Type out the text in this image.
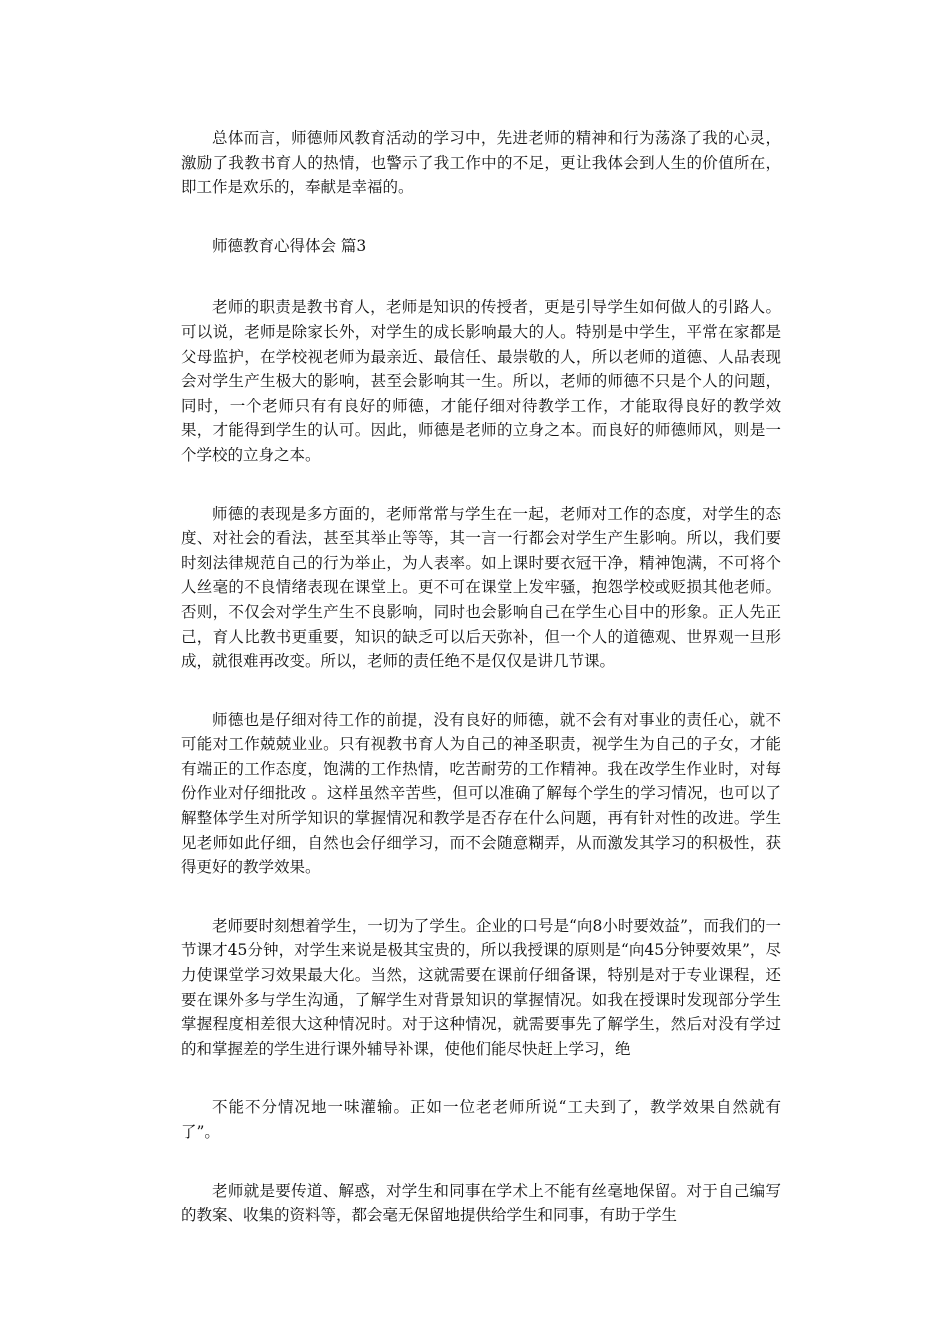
总体而言，师德师风教育活动的学习中，先进老师的精神和行为荡涤了我的心灵，激励了我教书育人的热情，也警示了我工作中的不足，更让我体会到人生的价值所在，即工作是欢乐的，奉献是幸福的。

师德教育心得体会 篇3

老师的职责是教书育人，老师是知识的传授者，更是引导学生如何做人的引路人。可以说，老师是除家长外，对学生的成长影响最大的人。特别是中学生，平常在家都是父母监护，在学校视老师为最亲近、最信任、最崇敬的人，所以老师的道德、人品表现会对学生产生极大的影响，甚至会影响其一生。所以，老师的师德不只是个人的问题，同时，一个老师只有有良好的师德，才能仔细对待教学工作，才能取得良好的教学效果，才能得到学生的认可。因此，师德是老师的立身之本。而良好的师德师风，则是一个学校的立身之本。

师德的表现是多方面的，老师常常与学生在一起，老师对工作的态度，对学生的态度、对社会的看法，甚至其举止等等，其一言一行都会对学生产生影响。所以，我们要时刻法律规范自己的行为举止，为人表率。如上课时要衣冠干净，精神饱满，不可将个人丝毫的不良情绪表现在课堂上。更不可在课堂上发牢骚，抱怨学校或贬损其他老师。否则，不仅会对学生产生不良影响，同时也会影响自己在学生心目中的形象。正人先正己，育人比教书更重要，知识的缺乏可以后天弥补，但一个人的道德观、世界观一旦形成，就很难再改变。所以，老师的责任绝不是仅仅是讲几节课。

师德也是仔细对待工作的前提，没有良好的师德，就不会有对事业的责任心，就不可能对工作兢兢业业。只有视教书育人为自己的神圣职责，视学生为自己的子女，才能有端正的工作态度，饱满的工作热情，吃苦耐劳的工作精神。我在改学生作业时，对每份作业对仔细批改 。这样虽然辛苦些，但可以准确了解每个学生的学习情况，也可以了解整体学生对所学知识的掌握情况和教学是否存在什么问题，再有针对性的改进。学生见老师如此仔细，自然也会仔细学习，而不会随意糊弄，从而激发其学习的积极性，获得更好的教学效果。

老师要时刻想着学生，一切为了学生。企业的口号是“向8小时要效益”，而我们的一节课才45分钟，对学生来说是极其宝贵的，所以我授课的原则是“向45分钟要效果”，尽力使课堂学习效果最大化。当然，这就需要在课前仔细备课，特别是对于专业课程，还要在课外多与学生沟通，了解学生对背景知识的掌握情况。如我在授课时发现部分学生掌握程度相差很大这种情况时。对于这种情况，就需要事先了解学生，然后对没有学过的和掌握差的学生进行课外辅导补课，使他们能尽快赶上学习，绝

不能不分情况地一味灌输。正如一位老老师所说“工夫到了，教学效果自然就有了”。

老师就是要传道、解惑，对学生和同事在学术上不能有丝毫地保留。对于自己编写的教案、收集的资料等，都会毫无保留地提供给学生和同事，有助于学生
